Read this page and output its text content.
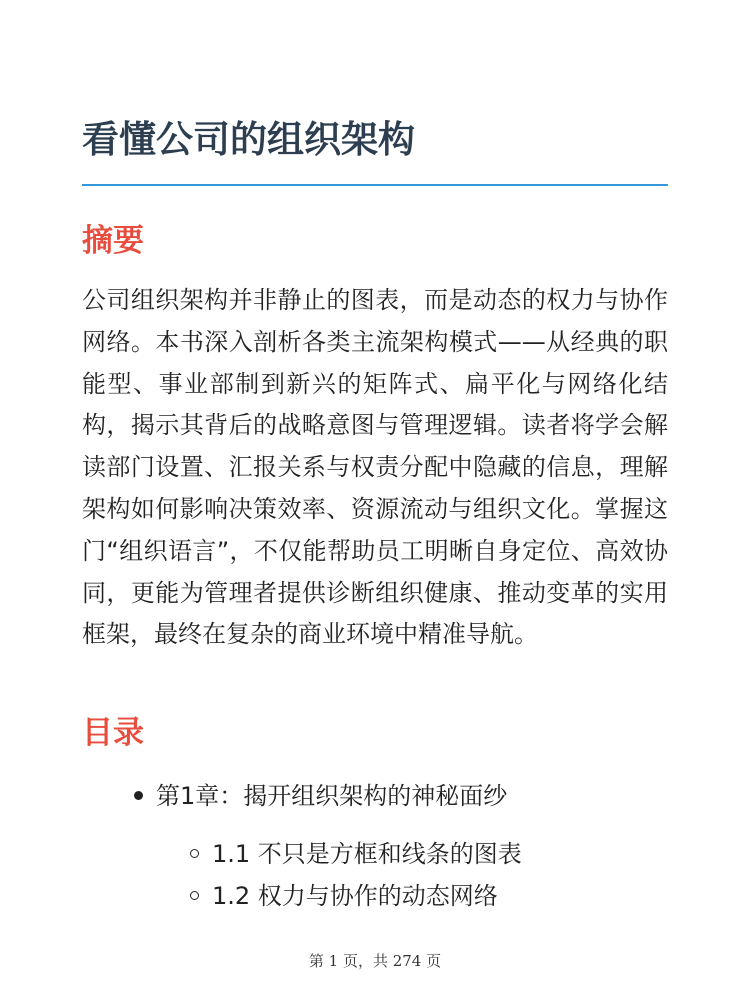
看懂公司的组织架构
摘要

公司组织架构并非静止的图表，而是动态的权力与协作网络。本书深入剖析各类主流架构模式——从经典的职能型、事业部制到新兴的矩阵式、扁平化与网络化结构，揭示其背后的战略意图与管理逻辑。读者将学会解读部门设置、汇报关系与权责分配中隐藏的信息，理解架构如何影响决策效率、资源流动与组织文化。掌握这门“组织语言”，不仅能帮助员工明晰自身定位、高效协同，更能为管理者提供诊断组织健康、推动变革的实用框架，最终在复杂的商业环境中精准导航。

目录
第1章：揭开组织架构的神秘面纱
1.1 不只是方框和线条的图表
1.2 权力与协作的动态网络
第 1 页，共 274 页
